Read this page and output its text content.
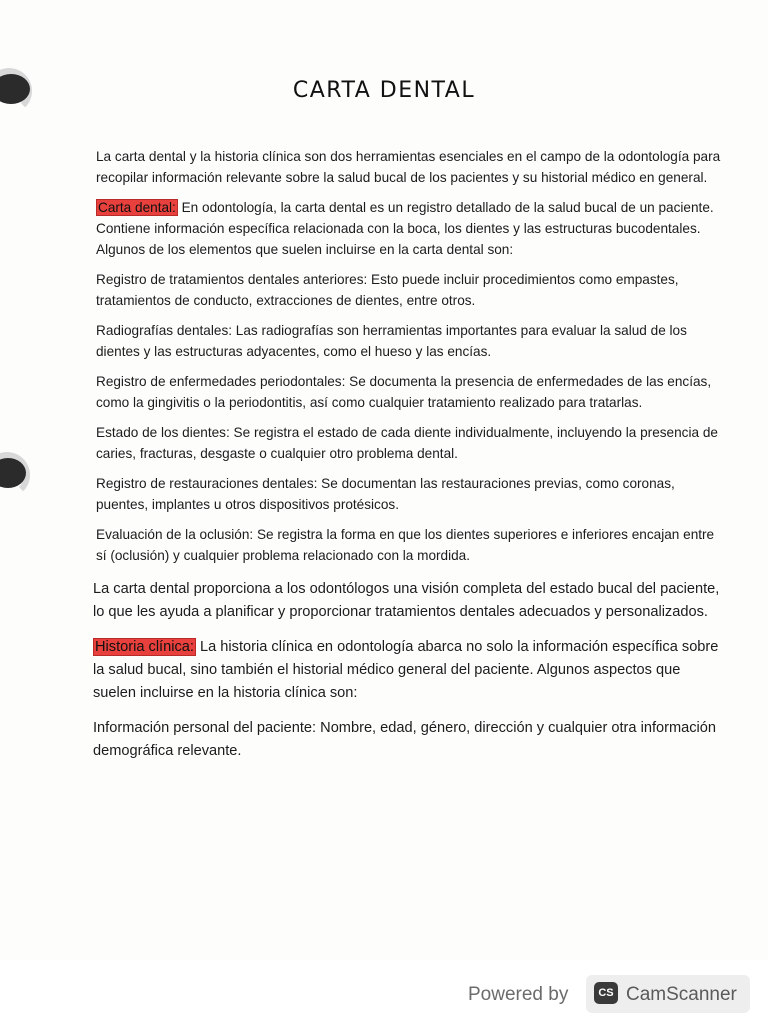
CARTA DENTAL

La carta dental y la historia clínica son dos herramientas esenciales en el campo de la odontología para recopilar información relevante sobre la salud bucal de los pacientes y su historial médico en general.

Carta dental: En odontología, la carta dental es un registro detallado de la salud bucal de un paciente. Contiene información específica relacionada con la boca, los dientes y las estructuras bucodentales. Algunos de los elementos que suelen incluirse en la carta dental son:

Registro de tratamientos dentales anteriores: Esto puede incluir procedimientos como empastes, tratamientos de conducto, extracciones de dientes, entre otros.

Radiografías dentales: Las radiografías son herramientas importantes para evaluar la salud de los dientes y las estructuras adyacentes, como el hueso y las encías.

Registro de enfermedades periodontales: Se documenta la presencia de enfermedades de las encías, como la gingivitis o la periodontitis, así como cualquier tratamiento realizado para tratarlas.

Estado de los dientes: Se registra el estado de cada diente individualmente, incluyendo la presencia de caries, fracturas, desgaste o cualquier otro problema dental.

Registro de restauraciones dentales: Se documentan las restauraciones previas, como coronas, puentes, implantes u otros dispositivos protésicos.

Evaluación de la oclusión: Se registra la forma en que los dientes superiores e inferiores encajan entre sí (oclusión) y cualquier problema relacionado con la mordida.

La carta dental proporciona a los odontólogos una visión completa del estado bucal del paciente, lo que les ayuda a planificar y proporcionar tratamientos dentales adecuados y personalizados.

Historia clínica: La historia clínica en odontología abarca no solo la información específica sobre la salud bucal, sino también el historial médico general del paciente. Algunos aspectos que suelen incluirse en la historia clínica son:

Información personal del paciente: Nombre, edad, género, dirección y cualquier otra información demográfica relevante.

Powered by	CS CamScanner
